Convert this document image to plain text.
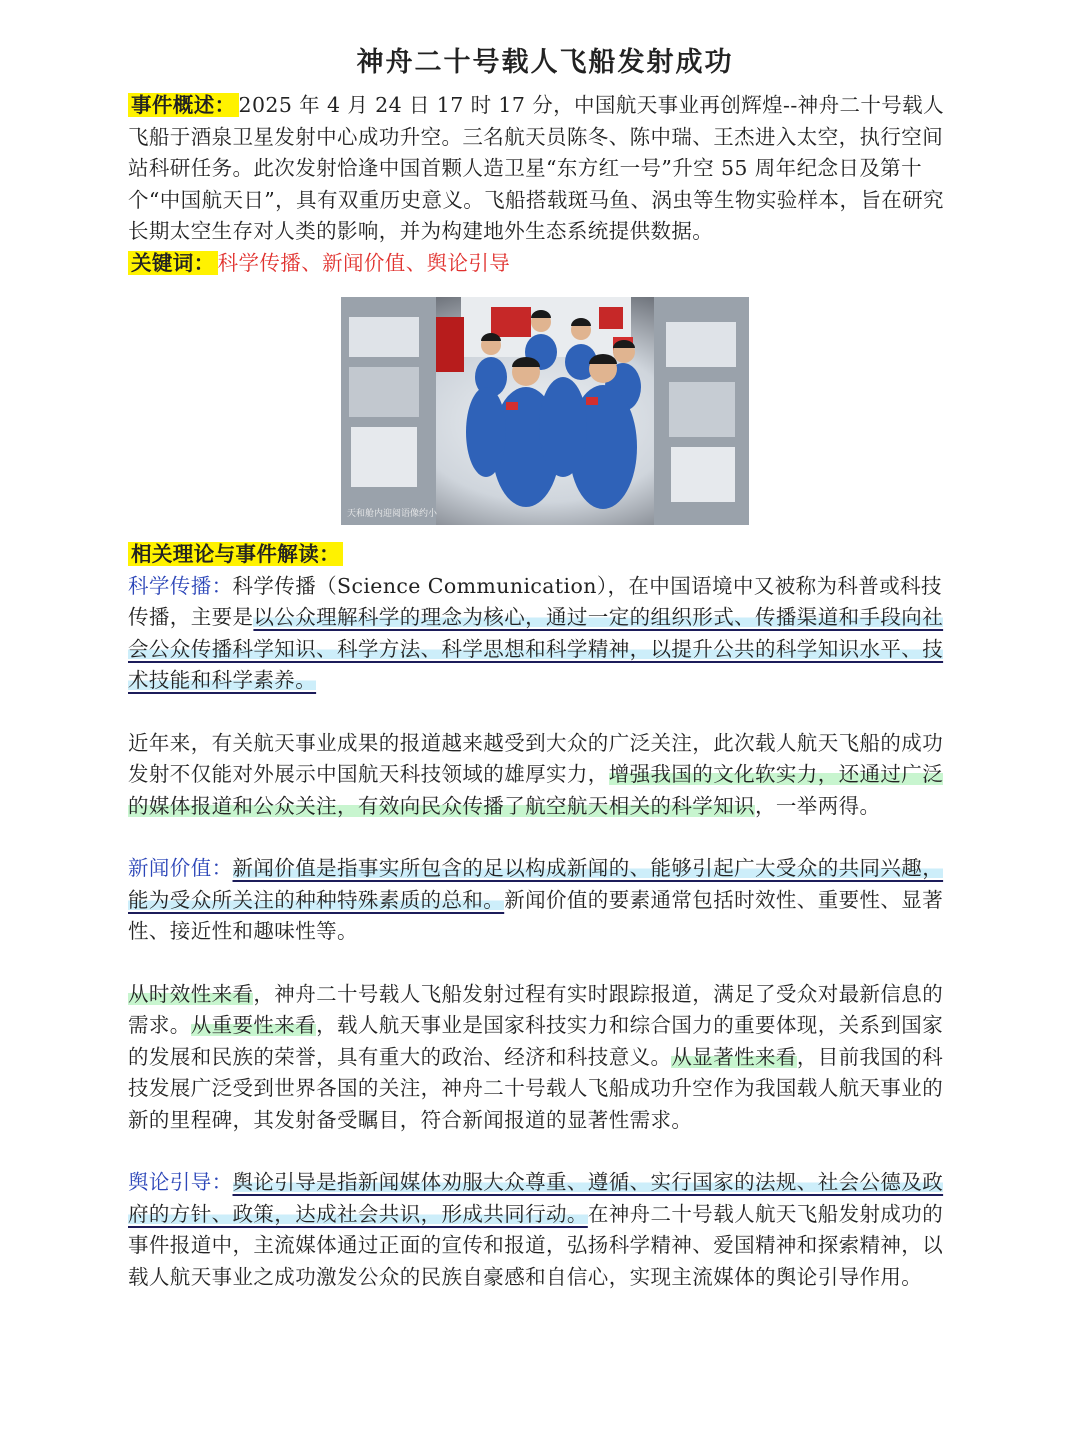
神舟二十号载人飞船发射成功

事件概述： 2025 年 4 月 24 日 17 时 17 分，中国航天事业再创辉煌--神舟二十号载人飞船于酒泉卫星发射中心成功升空。三名航天员陈冬、陈中瑞、王杰进入太空，执行空间站科研任务。此次发射恰逢中国首颗人造卫星“东方红一号”升空 55 周年纪念日及第十个“中国航天日”，具有双重历史意义。飞船搭载斑马鱼、涡虫等生物实验样本，旨在研究长期太空生存对人类的影响，并为构建地外生态系统提供数据。

关键词： 科学传播、新闻价值、舆论引导

天和舱内迎阅语像约小

相关理论与事件解读：

科学传播：科学传播（Science Communication），在中国语境中又被称为科普或科技传播，主要是以公众理解科学的理念为核心，通过一定的组织形式、传播渠道和手段向社会公众传播科学知识、科学方法、科学思想和科学精神，以提升公共的科学知识水平、技术技能和科学素养。

近年来，有关航天事业成果的报道越来越受到大众的广泛关注，此次载人航天飞船的成功发射不仅能对外展示中国航天科技领域的雄厚实力，增强我国的文化软实力，还通过广泛的媒体报道和公众关注，有效向民众传播了航空航天相关的科学知识，一举两得。

新闻价值：新闻价值是指事实所包含的足以构成新闻的、能够引起广大受众的共同兴趣，能为受众所关注的种种特殊素质的总和。新闻价值的要素通常包括时效性、重要性、显著性、接近性和趣味性等。

从时效性来看，神舟二十号载人飞船发射过程有实时跟踪报道，满足了受众对最新信息的需求。从重要性来看，载人航天事业是国家科技实力和综合国力的重要体现，关系到国家的发展和民族的荣誉，具有重大的政治、经济和科技意义。从显著性来看，目前我国的科技发展广泛受到世界各国的关注，神舟二十号载人飞船成功升空作为我国载人航天事业的新的里程碑，其发射备受瞩目，符合新闻报道的显著性需求。

舆论引导：舆论引导是指新闻媒体劝服大众尊重、遵循、实行国家的法规、社会公德及政府的方针、政策，达成社会共识，形成共同行动。在神舟二十号载人航天飞船发射成功的事件报道中，主流媒体通过正面的宣传和报道，弘扬科学精神、爱国精神和探索精神，以载人航天事业之成功激发公众的民族自豪感和自信心，实现主流媒体的舆论引导作用。
